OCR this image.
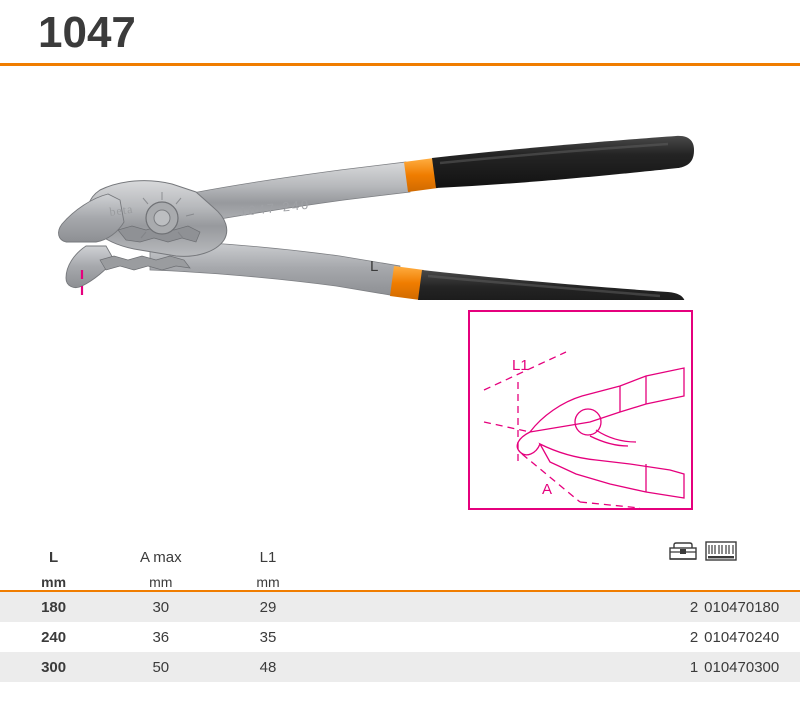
1047
1047-240
beta
L
L1
A
L	A max	L1			
mm	mm	mm			
180	30	29		2	010470180
240	36	35		2	010470240
300	50	48		1	010470300
